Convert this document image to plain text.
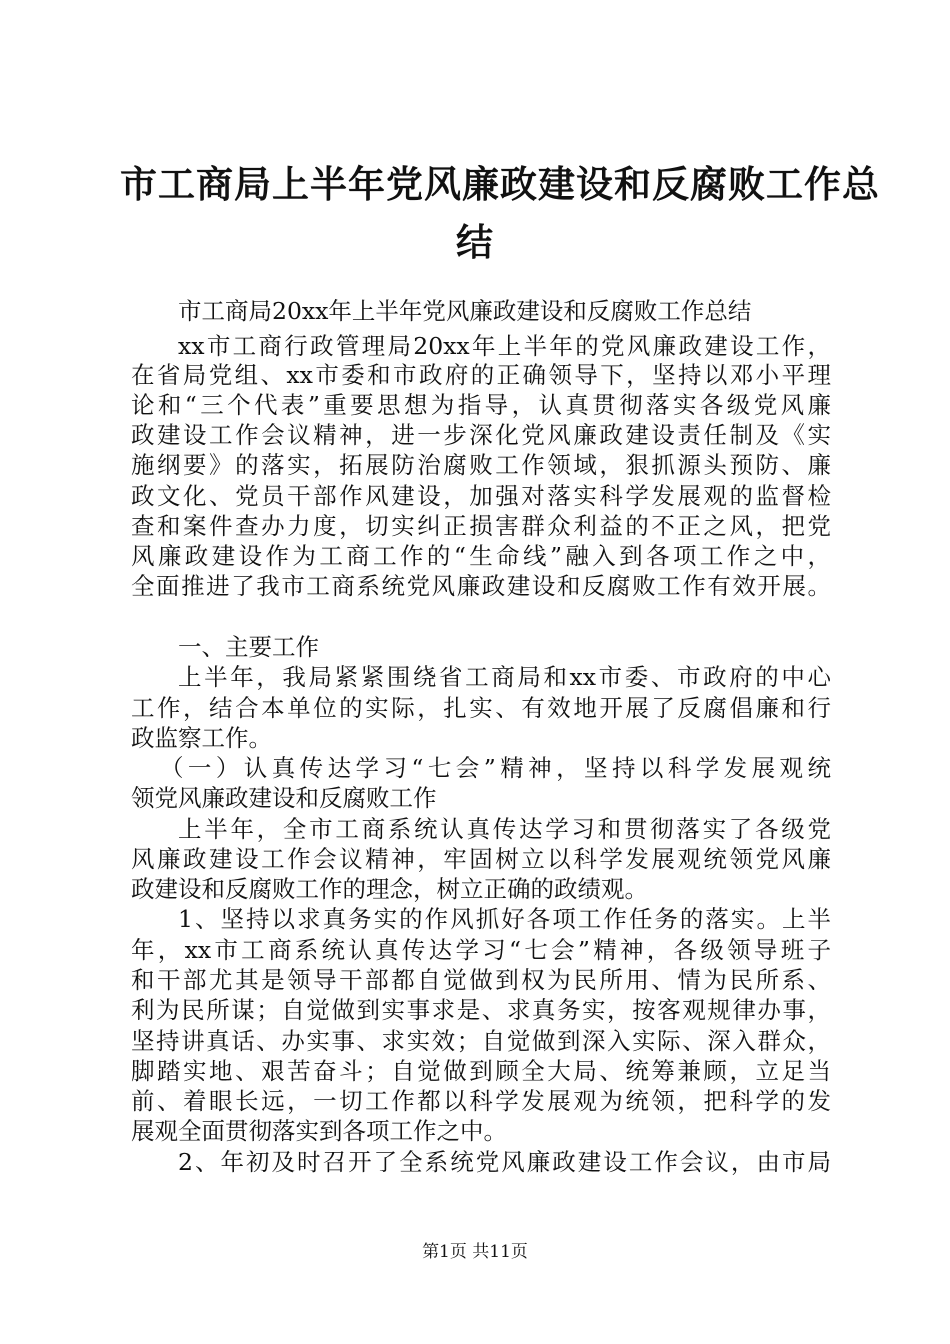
市工商局上半年党风廉政建设和反腐败工作总
结
市工商局20xx年上半年党风廉政建设和反腐败工作总结
xx市工商行政管理局20xx年上半年的党风廉政建设工作，
在省局党组、xx市委和市政府的正确领导下，坚持以邓小平理
论和“三个代表”重要思想为指导，认真贯彻落实各级党风廉
政建设工作会议精神，进一步深化党风廉政建设责任制及《实
施纲要》的落实，拓展防治腐败工作领域，狠抓源头预防、廉
政文化、党员干部作风建设，加强对落实科学发展观的监督检
查和案件查办力度，切实纠正损害群众利益的不正之风，把党
风廉政建设作为工商工作的“生命线”融入到各项工作之中，
全面推进了我市工商系统党风廉政建设和反腐败工作有效开展。
一、主要工作
上半年，我局紧紧围绕省工商局和xx市委、市政府的中心
工作，结合本单位的实际，扎实、有效地开展了反腐倡廉和行
政监察工作。
（一）认真传达学习“七会”精神，坚持以科学发展观统
领党风廉政建设和反腐败工作
上半年，全市工商系统认真传达学习和贯彻落实了各级党
风廉政建设工作会议精神，牢固树立以科学发展观统领党风廉
政建设和反腐败工作的理念，树立正确的政绩观。
1、坚持以求真务实的作风抓好各项工作任务的落实。上半
年，xx市工商系统认真传达学习“七会”精神，各级领导班子
和干部尤其是领导干部都自觉做到权为民所用、情为民所系、
利为民所谋；自觉做到实事求是、求真务实，按客观规律办事，
坚持讲真话、办实事、求实效；自觉做到深入实际、深入群众，
脚踏实地、艰苦奋斗；自觉做到顾全大局、统筹兼顾，立足当
前、着眼长远，一切工作都以科学发展观为统领，把科学的发
展观全面贯彻落实到各项工作之中。
2、年初及时召开了全系统党风廉政建设工作会议，由市局
第1页 共11页
